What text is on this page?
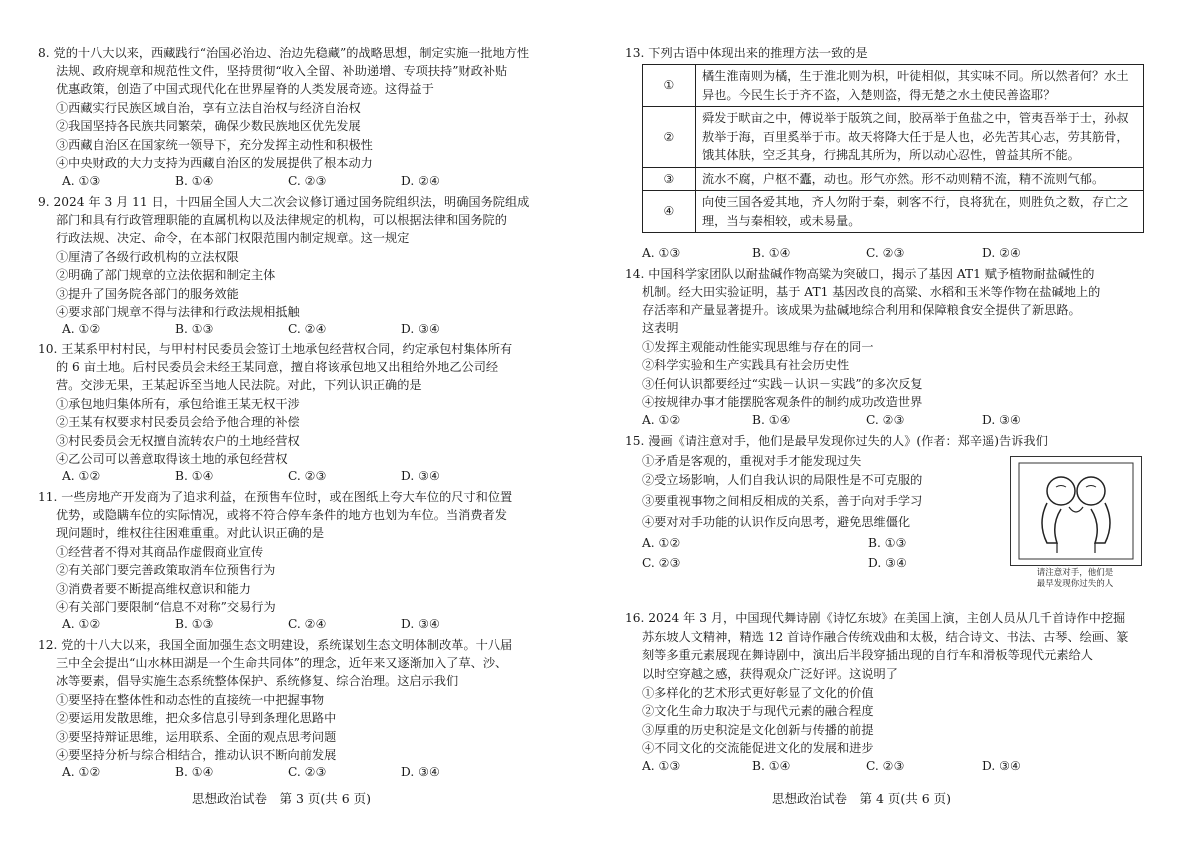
8. 党的十八大以来，西藏践行“治国必治边、治边先稳藏”的战略思想，制定实施一批地方性
法规、政府规章和规范性文件，坚持贯彻“收入全留、补助递增、专项扶持”财政补贴
优惠政策，创造了中国式现代化在世界屋脊的人类发展奇迹。这得益于
①西藏实行民族区域自治，享有立法自治权与经济自治权
②我国坚持各民族共同繁荣，确保少数民族地区优先发展
③西藏自治区在国家统一领导下，充分发挥主动性和积极性
④中央财政的大力支持为西藏自治区的发展提供了根本动力
A. ①③	B. ①④	C. ②③	D. ②④
9. 2024 年 3 月 11 日，十四届全国人大二次会议修订通过国务院组织法，明确国务院组成
部门和具有行政管理职能的直属机构以及法律规定的机构，可以根据法律和国务院的
行政法规、决定、命令，在本部门权限范围内制定规章。这一规定
①厘清了各级行政机构的立法权限
②明确了部门规章的立法依据和制定主体
③提升了国务院各部门的服务效能
④要求部门规章不得与法律和行政法规相抵触
A. ①②	B. ①③	C. ②④	D. ③④
10. 王某系甲村村民，与甲村村民委员会签订土地承包经营权合同，约定承包村集体所有
的 6 亩土地。后村民委员会未经王某同意，擅自将该承包地又出租给外地乙公司经
营。交涉无果，王某起诉至当地人民法院。对此，下列认识正确的是
①承包地归集体所有，承包给谁王某无权干涉
②王某有权要求村民委员会给予他合理的补偿
③村民委员会无权擅自流转农户的土地经营权
④乙公司可以善意取得该土地的承包经营权
A. ①②	B. ①④	C. ②③	D. ③④
11. 一些房地产开发商为了追求利益，在预售车位时，或在图纸上夸大车位的尺寸和位置
优势，或隐瞒车位的实际情况，或将不符合停车条件的地方也划为车位。当消费者发
现问题时，维权往往困难重重。对此认识正确的是
①经营者不得对其商品作虚假商业宣传
②有关部门要完善政策取消车位预售行为
③消费者要不断提高维权意识和能力
④有关部门要限制“信息不对称”交易行为
A. ①②	B. ①③	C. ②④	D. ③④
12. 党的十八大以来，我国全面加强生态文明建设，系统谋划生态文明体制改革。十八届
三中全会提出“山水林田湖是一个生命共同体”的理念，近年来又逐渐加入了草、沙、
冰等要素，倡导实施生态系统整体保护、系统修复、综合治理。这启示我们
①要坚持在整体性和动态性的直接统一中把握事物
②要运用发散思维，把众多信息引导到条理化思路中
③要坚持辩证思维，运用联系、全面的观点思考问题
④要坚持分析与综合相结合，推动认识不断向前发展
A. ①②	B. ①④	C. ②③	D. ③④
思想政治试卷　第 3 页(共 6 页)
13. 下列古语中体现出来的推理方法一致的是
①	橘生淮南则为橘，生于淮北则为枳，叶徒相似，其实味不同。所以然者何？水土异也。今民生长于齐不盗，入楚则盗，得无楚之水土使民善盗耶？
②	舜发于畎亩之中，傅说举于版筑之间，胶鬲举于鱼盐之中，管夷吾举于士，孙叔敖举于海，百里奚举于市。故天将降大任于是人也，必先苦其心志，劳其筋骨，饿其体肤，空乏其身，行拂乱其所为，所以动心忍性，曾益其所不能。
③	流水不腐，户枢不蠹，动也。形气亦然。形不动则精不流，精不流则气郁。
④	向使三国各爱其地，齐人勿附于秦，刺客不行，良将犹在，则胜负之数，存亡之理，当与秦相较，或未易量。
A. ①③	B. ①④	C. ②③	D. ②④
14. 中国科学家团队以耐盐碱作物高粱为突破口，揭示了基因 AT1 赋予植物耐盐碱性的
机制。经大田实验证明，基于 AT1 基因改良的高粱、水稻和玉米等作物在盐碱地上的
存活率和产量显著提升。该成果为盐碱地综合利用和保障粮食安全提供了新思路。
这表明
①发挥主观能动性能实现思维与存在的同一
②科学实验和生产实践具有社会历史性
③任何认识都要经过“实践－认识－实践”的多次反复
④按规律办事才能摆脱客观条件的制约成功改造世界
A. ①②	B. ①④	C. ②③	D. ③④
15. 漫画《请注意对手，他们是最早发现你过失的人》(作者：郑辛遥)告诉我们
①矛盾是客观的，重视对手才能发现过失
②受立场影响，人们自我认识的局限性是不可克服的
③要重视事物之间相反相成的关系，善于向对手学习
④要对对手功能的认识作反向思考，避免思维僵化
A. ①②	B. ①③
C. ②③	D. ③④
请注意对手，他们是
最早发现你过失的人
16. 2024 年 3 月，中国现代舞诗剧《诗忆东坡》在美国上演，主创人员从几千首诗作中挖掘
苏东坡人文精神，精选 12 首诗作融合传统戏曲和太极，结合诗文、书法、古琴、绘画、篆
刻等多重元素展现在舞诗剧中，演出后半段穿插出现的自行车和滑板等现代元素给人
以时空穿越之感，获得观众广泛好评。这说明了
①多样化的艺术形式更好彰显了文化的价值
②文化生命力取决于与现代元素的融合程度
③厚重的历史积淀是文化创新与传播的前提
④不同文化的交流能促进文化的发展和进步
A. ①③	B. ①④	C. ②③	D. ③④
思想政治试卷　第 4 页(共 6 页)
